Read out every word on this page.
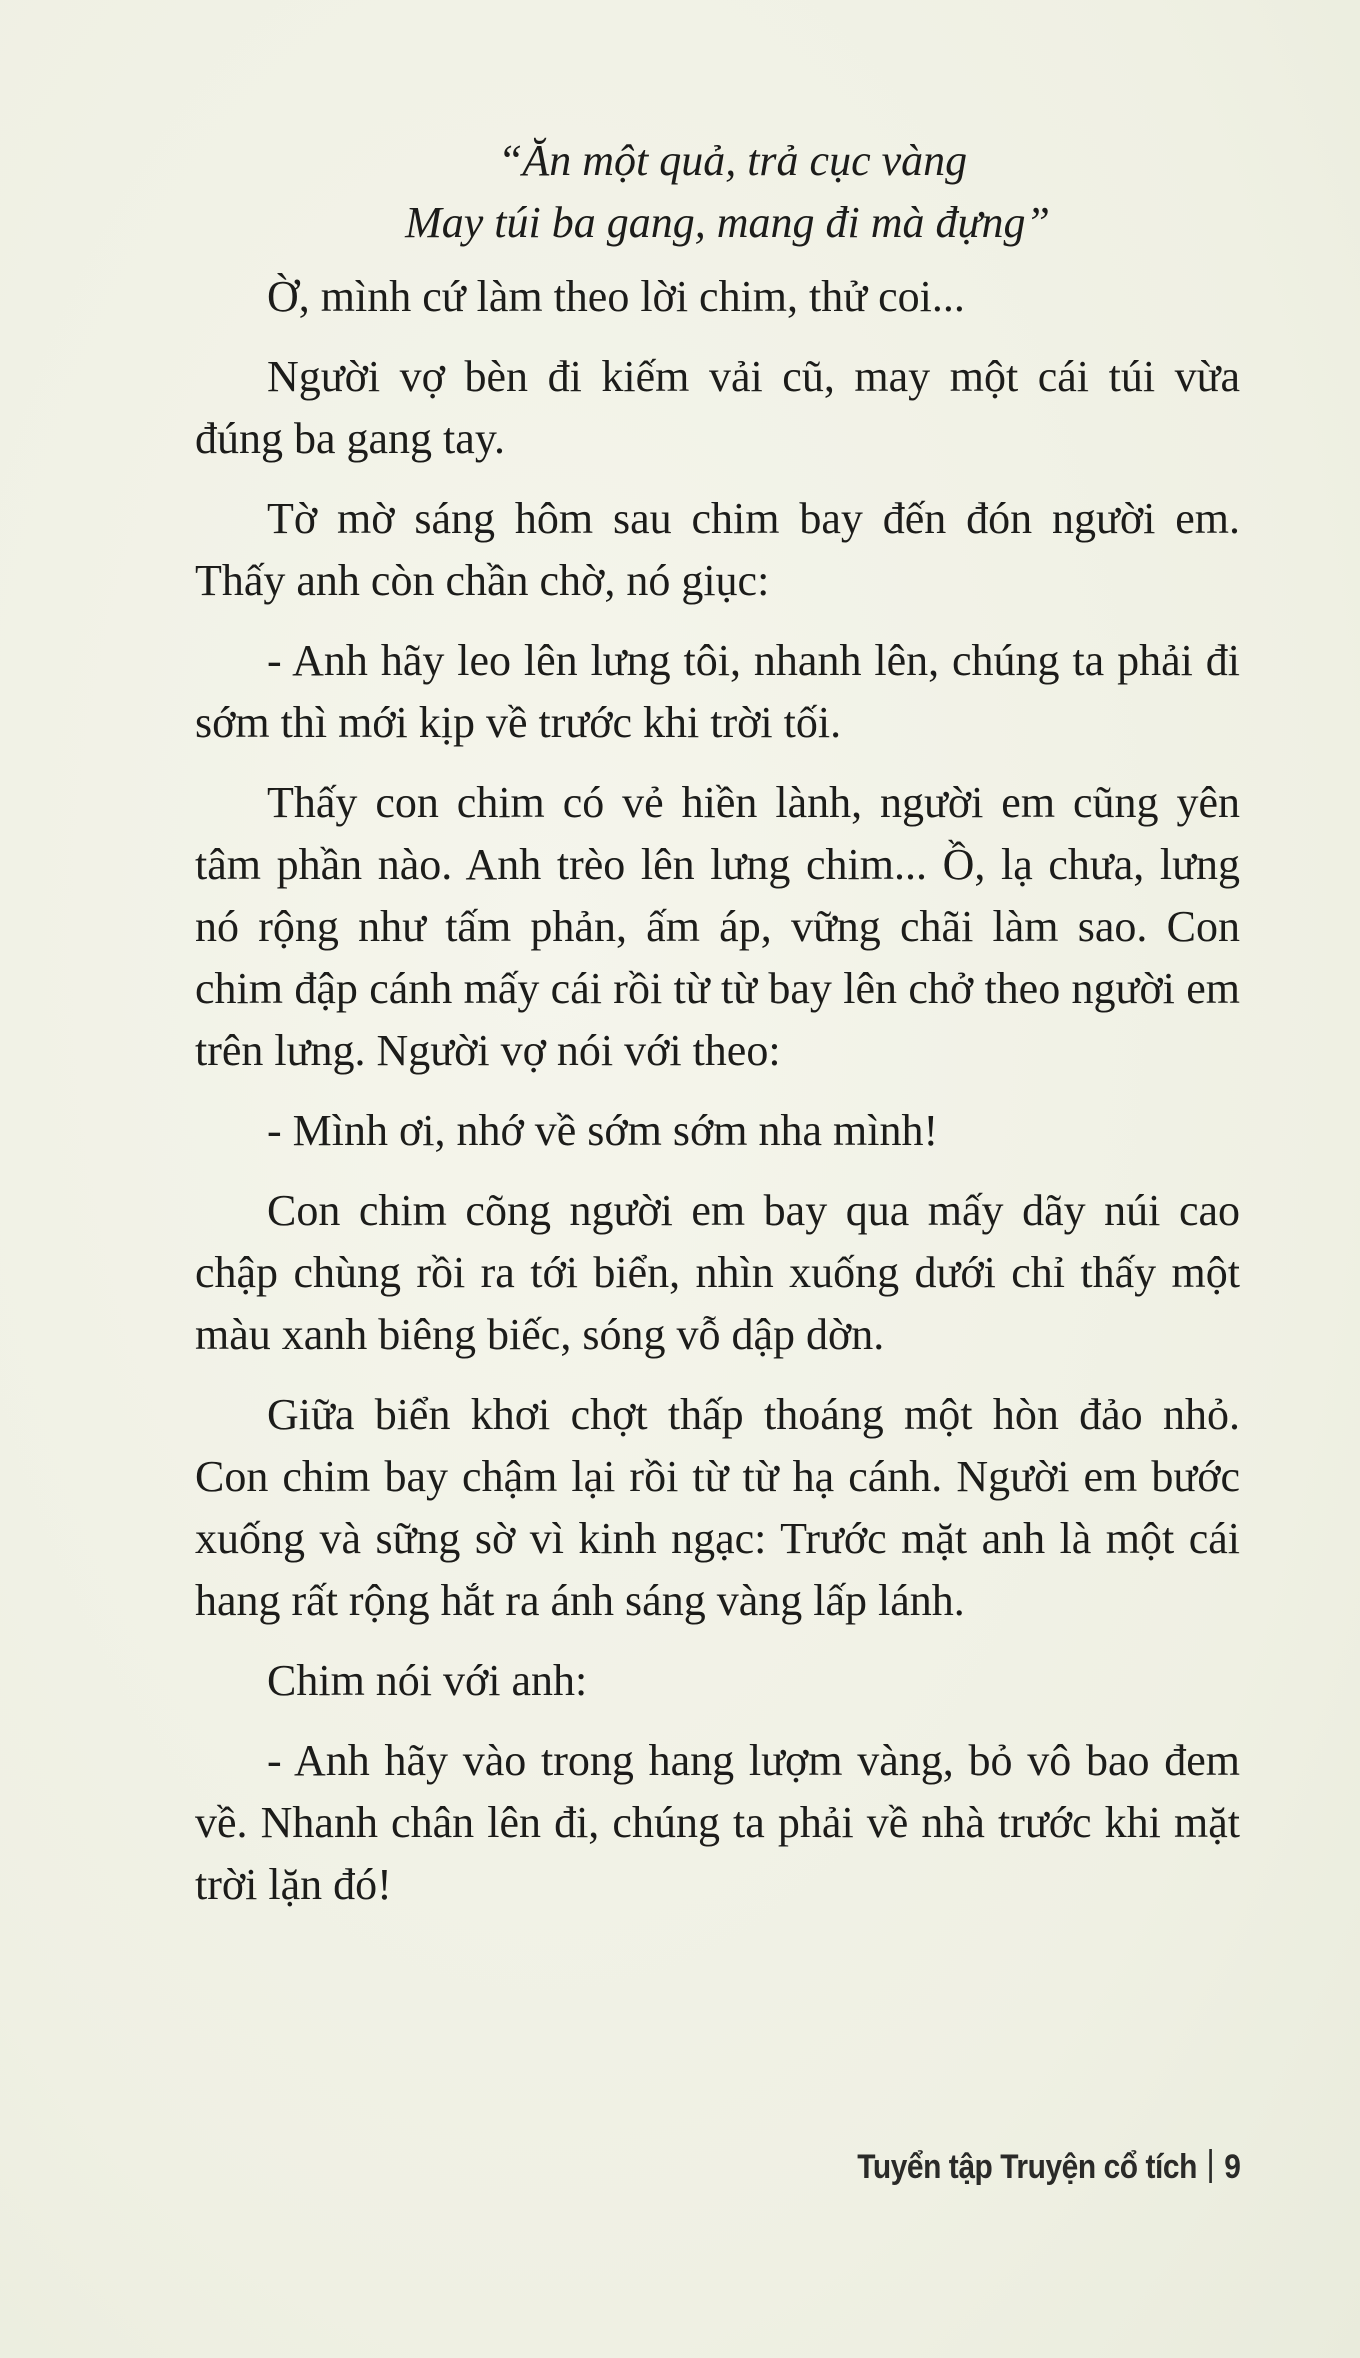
“Ăn một quả, trả cục vàng

May túi ba gang, mang đi mà đựng”

Ờ, mình cứ làm theo lời chim, thử coi...

Người vợ bèn đi kiếm vải cũ, may một cái túi vừa đúng ba gang tay.

Tờ mờ sáng hôm sau chim bay đến đón người em. Thấy anh còn chần chờ, nó giục:

- Anh hãy leo lên lưng tôi, nhanh lên, chúng ta phải đi sớm thì mới kịp về trước khi trời tối.

Thấy con chim có vẻ hiền lành, người em cũng yên tâm phần nào. Anh trèo lên lưng chim... Ồ, lạ chưa, lưng nó rộng như tấm phản, ấm áp, vững chãi làm sao. Con chim đập cánh mấy cái rồi từ từ bay lên chở theo người em trên lưng. Người vợ nói với theo:

- Mình ơi, nhớ về sớm sớm nha mình!

Con chim cõng người em bay qua mấy dãy núi cao chập chùng rồi ra tới biển, nhìn xuống dưới chỉ thấy một màu xanh biêng biếc, sóng vỗ dập dờn.

Giữa biển khơi chợt thấp thoáng một hòn đảo nhỏ. Con chim bay chậm lại rồi từ từ hạ cánh. Người em bước xuống và sững sờ vì kinh ngạc: Trước mặt anh là một cái hang rất rộng hắt ra ánh sáng vàng lấp lánh.

Chim nói với anh:

- Anh hãy vào trong hang lượm vàng, bỏ vô bao đem về. Nhanh chân lên đi, chúng ta phải về nhà trước khi mặt trời lặn đó!

Tuyển tập Truyện cổ tích 9
